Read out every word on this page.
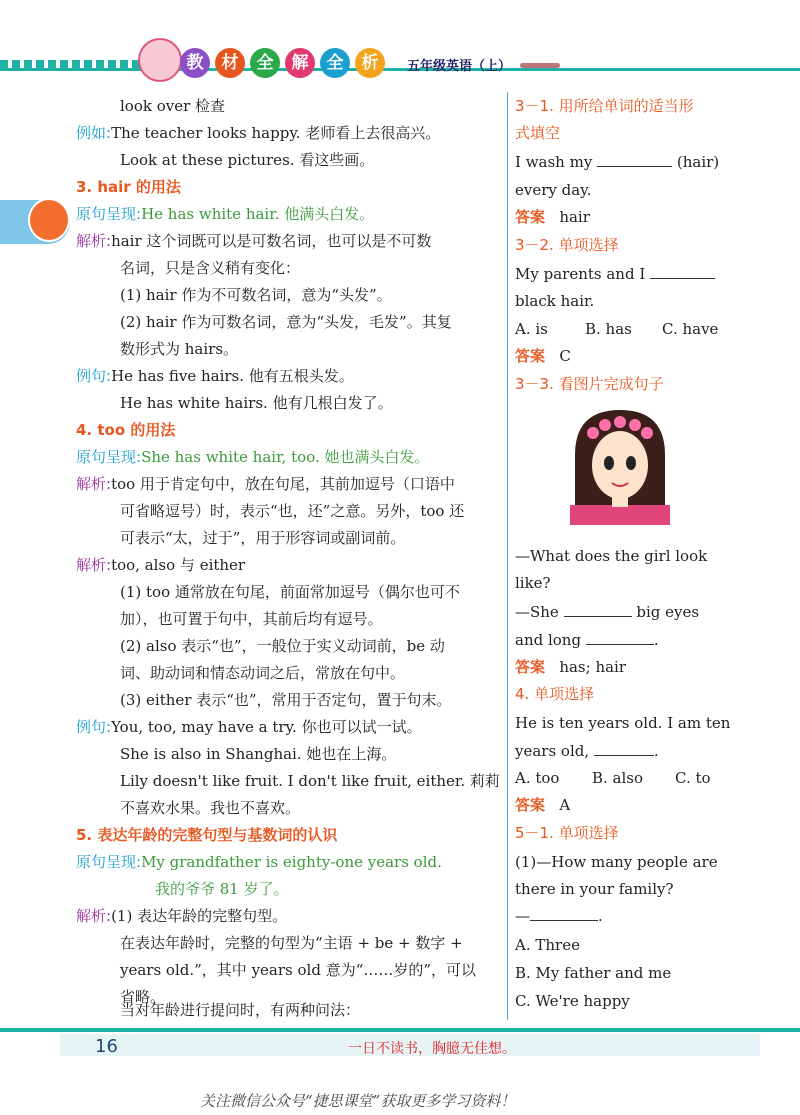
教	材	全	解	全	析	五年级英语（上）
look over 检查
例如:The teacher looks happy. 老师看上去很高兴。
Look at these pictures. 看这些画。
3. hair 的用法
原句呈现:He has white hair. 他满头白发。
解析:hair 这个词既可以是可数名词，也可以是不可数
名词，只是含义稍有变化：
(1) hair 作为不可数名词，意为“头发”。
(2) hair 作为可数名词，意为“头发，毛发”。其复
数形式为 hairs。
例句:He has five hairs. 他有五根头发。
He has white hairs. 他有几根白发了。
4. too 的用法
原句呈现:She has white hair, too. 她也满头白发。
解析:too 用于肯定句中，放在句尾，其前加逗号（口语中
可省略逗号）时，表示“也，还”之意。另外，too 还
可表示“太，过于”，用于形容词或副词前。
解析:too, also 与 either
(1) too 通常放在句尾，前面常加逗号（偶尔也可不
加），也可置于句中，其前后均有逗号。
(2) also 表示“也”，一般位于实义动词前，be 动
词、助动词和情态动词之后，常放在句中。
(3) either 表示“也”，常用于否定句，置于句末。
例句:You, too, may have a try. 你也可以试一试。
She is also in Shanghai. 她也在上海。
Lily doesn't like fruit. I don't like fruit, either. 莉莉
不喜欢水果。我也不喜欢。
5. 表达年龄的完整句型与基数词的认识
原句呈现:My grandfather is eighty-one years old.
我的爷爷 81 岁了。
解析:(1) 表达年龄的完整句型。
在表达年龄时，完整的句型为“主语 + be + 数字 +
years old.”，其中 years old 意为“……岁的”，可以
省略。
当对年龄进行提问时，有两种问法：
3－1. 用所给单词的适当形
式填空
I wash my	(hair)
every day.
答案 hair
3－2. 单项选择
My parents and I
black hair.
A. is B. has C. have
答案 C
3－3. 看图片完成句子
—What does the girl look
like?
—She	big eyes
and long	.
答案 has; hair
4. 单项选择
He is ten years old. I am ten
years old,	.
A. too B. also C. to
答案 A
5－1. 单项选择
(1)—How many people are
there in your family?
—	.
A. Three
B. My father and me
C. We're happy
16	一日不读书，胸臆无佳想。
关注微信公众号“捷思课堂”获取更多学习资料！
